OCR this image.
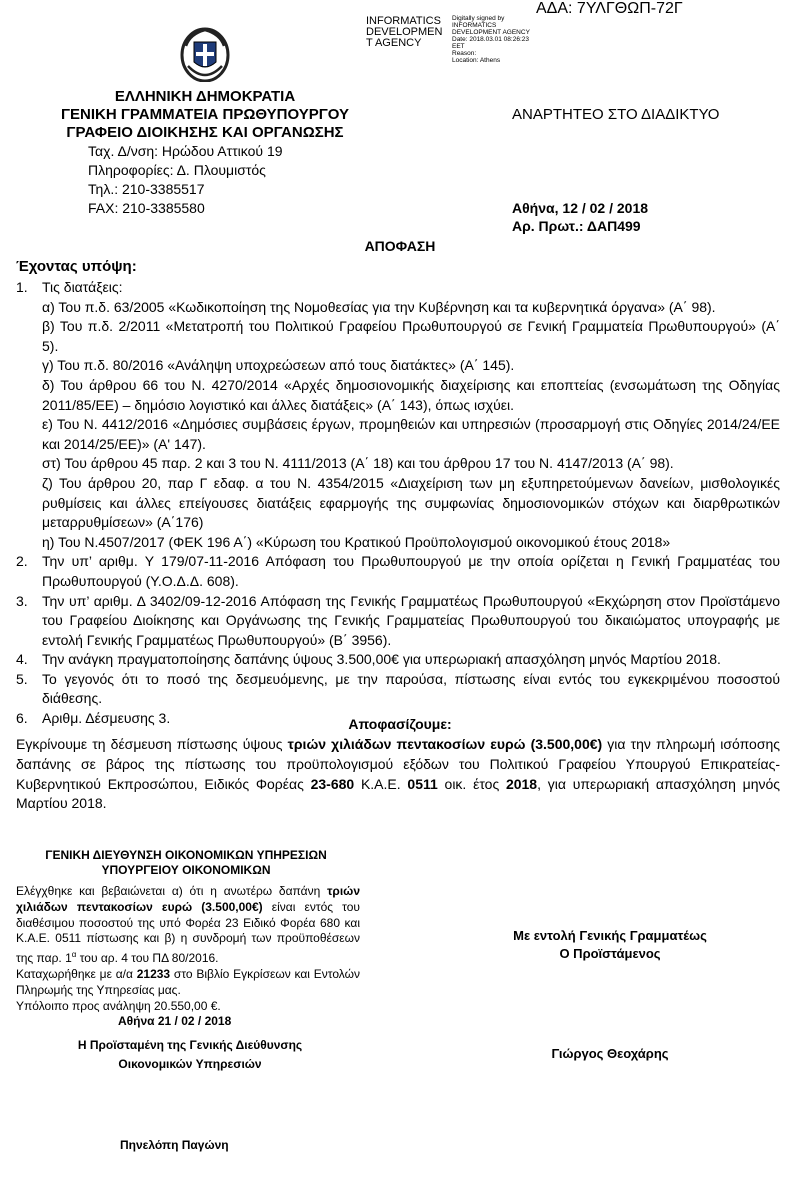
ΑΔΑ: 7ΥΛΓΘΩΠ-72Γ
INFORMATICS
DEVELOPMEN
T AGENCY
Digitally signed by
INFORMATICS
DEVELOPMENT AGENCY
Date: 2018.03.01 08:26:23
EET
Reason:
Location: Athens
ΕΛΛΗΝΙΚΗ ΔΗΜΟΚΡΑΤΙΑ
ΓΕΝΙΚΗ ΓΡΑΜΜΑΤΕΙΑ ΠΡΩΘΥΠΟΥΡΓΟΥ
ΓΡΑΦΕΙΟ ΔΙΟΙΚΗΣΗΣ ΚΑΙ ΟΡΓΑΝΩΣΗΣ
ΑΝΑΡΤΗΤΕΟ ΣΤΟ ΔΙΑΔΙΚΤΥΟ
Ταχ. Δ/νση: Ηρώδου Αττικού 19
Πληροφορίες: Δ. Πλουμιστός
Τηλ.: 210-3385517
FAX: 210-3385580	Αθήνα, 12 / 02 / 2018
Αρ. Πρωτ.: ΔΑΠ499
ΑΠΟΦΑΣΗ
Έχοντας υπόψη:
1. Τις διατάξεις:
α) Του π.δ. 63/2005 «Κωδικοποίηση της Νομοθεσίας για την Κυβέρνηση και τα κυβερνητικά όργανα» (Α΄ 98).
β) Του π.δ. 2/2011 «Μετατροπή του Πολιτικού Γραφείου Πρωθυπουργού σε Γενική Γραμματεία Πρωθυπουργού» (Α΄ 5).
γ) Του π.δ. 80/2016 «Ανάληψη υποχρεώσεων από τους διατάκτες» (Α΄ 145).
δ) Του άρθρου 66 του Ν. 4270/2014 «Αρχές δημοσιονομικής διαχείρισης και εποπτείας (ενσωμάτωση της Οδηγίας 2011/85/ΕΕ) – δημόσιο λογιστικό και άλλες διατάξεις» (Α΄ 143), όπως ισχύει.
ε) Του Ν. 4412/2016 «Δημόσιες συμβάσεις έργων, προμηθειών και υπηρεσιών (προσαρμογή στις Οδηγίες 2014/24/ΕΕ και 2014/25/ΕΕ)» (Α' 147).
στ) Του άρθρου 45 παρ. 2 και 3 του Ν. 4111/2013 (Α΄ 18) και του άρθρου 17 του Ν. 4147/2013 (Α΄ 98).
ζ) Του άρθρου 20, παρ Γ εδαφ. α του Ν. 4354/2015 «Διαχείριση των μη εξυπηρετούμενων δανείων, μισθολογικές ρυθμίσεις και άλλες επείγουσες διατάξεις εφαρμογής της συμφωνίας δημοσιονομικών στόχων και διαρθρωτικών μεταρρυθμίσεων» (Α΄176)
η) Του Ν.4507/2017 (ΦΕΚ 196 Α΄) «Κύρωση του Κρατικού Προϋπολογισμού οικονομικού έτους 2018»
2. Την υπ’ αριθμ. Υ 179/07-11-2016 Απόφαση του Πρωθυπουργού με την οποία ορίζεται η Γενική Γραμματέας του Πρωθυπουργού (Υ.Ο.Δ.Δ. 608).
3. Την υπ’ αριθμ. Δ 3402/09-12-2016 Απόφαση της Γενικής Γραμματέως Πρωθυπουργού «Εκχώρηση στον Προϊστάμενο του Γραφείου Διοίκησης και Οργάνωσης της Γενικής Γραμματείας Πρωθυπουργού του δικαιώματος υπογραφής με εντολή Γενικής Γραμματέως Πρωθυπουργού» (Β΄ 3956).
4. Την ανάγκη πραγματοποίησης δαπάνης ύψους 3.500,00€ για υπερωριακή απασχόληση μηνός Μαρτίου 2018.
5. Το γεγονός ότι το ποσό της δεσμευόμενης, με την παρούσα, πίστωσης είναι εντός του εγκεκριμένου ποσοστού διάθεσης.
6. Αριθμ. Δέσμευσης 3.	Αποφασίζουμε:
Εγκρίνουμε τη δέσμευση πίστωσης ύψους τριών χιλιάδων πεντακοσίων ευρώ (3.500,00€) για την πληρωμή ισόποσης δαπάνης σε βάρος της πίστωσης του προϋπολογισμού εξόδων του Πολιτικού Γραφείου Υπουργού Επικρατείας-Κυβερνητικού Εκπροσώπου, Ειδικός Φορέας 23-680 Κ.Α.Ε. 0511 οικ. έτος 2018, για υπερωριακή απασχόληση μηνός Μαρτίου 2018.
ΓΕΝΙΚΗ ΔΙΕΥΘΥΝΣΗ ΟΙΚΟΝΟΜΙΚΩΝ ΥΠΗΡΕΣΙΩΝ
ΥΠΟΥΡΓΕΙΟΥ ΟΙΚΟΝΟΜΙΚΩΝ
Ελέγχθηκε και βεβαιώνεται α) ότι η ανωτέρω δαπάνη τριών χιλιάδων πεντακοσίων ευρώ (3.500,00€) είναι εντός του διαθέσιμου ποσοστού της υπό Φορέα 23 Ειδικό Φορέα 680 και Κ.Α.Ε. 0511 πίστωσης και β) η συνδρομή των προϋποθέσεων της παρ. $1^\alpha$ του αρ. 4 του ΠΔ 80/2016.
Καταχωρήθηκε με α/α 21233 στο Βιβλίο Εγκρίσεων και Εντολών Πληρωμής της Υπηρεσίας μας.
Υπόλοιπο προς ανάληψη 20.550,00 €.
Αθήνα 21 / 02 / 2018
Η Προϊσταμένη της Γενικής Διεύθυνσης
Οικονομικών Υπηρεσιών
Πηνελόπη Παγώνη
Με εντολή Γενικής Γραμματέως
Ο Προϊστάμενος
Γιώργος Θεοχάρης
